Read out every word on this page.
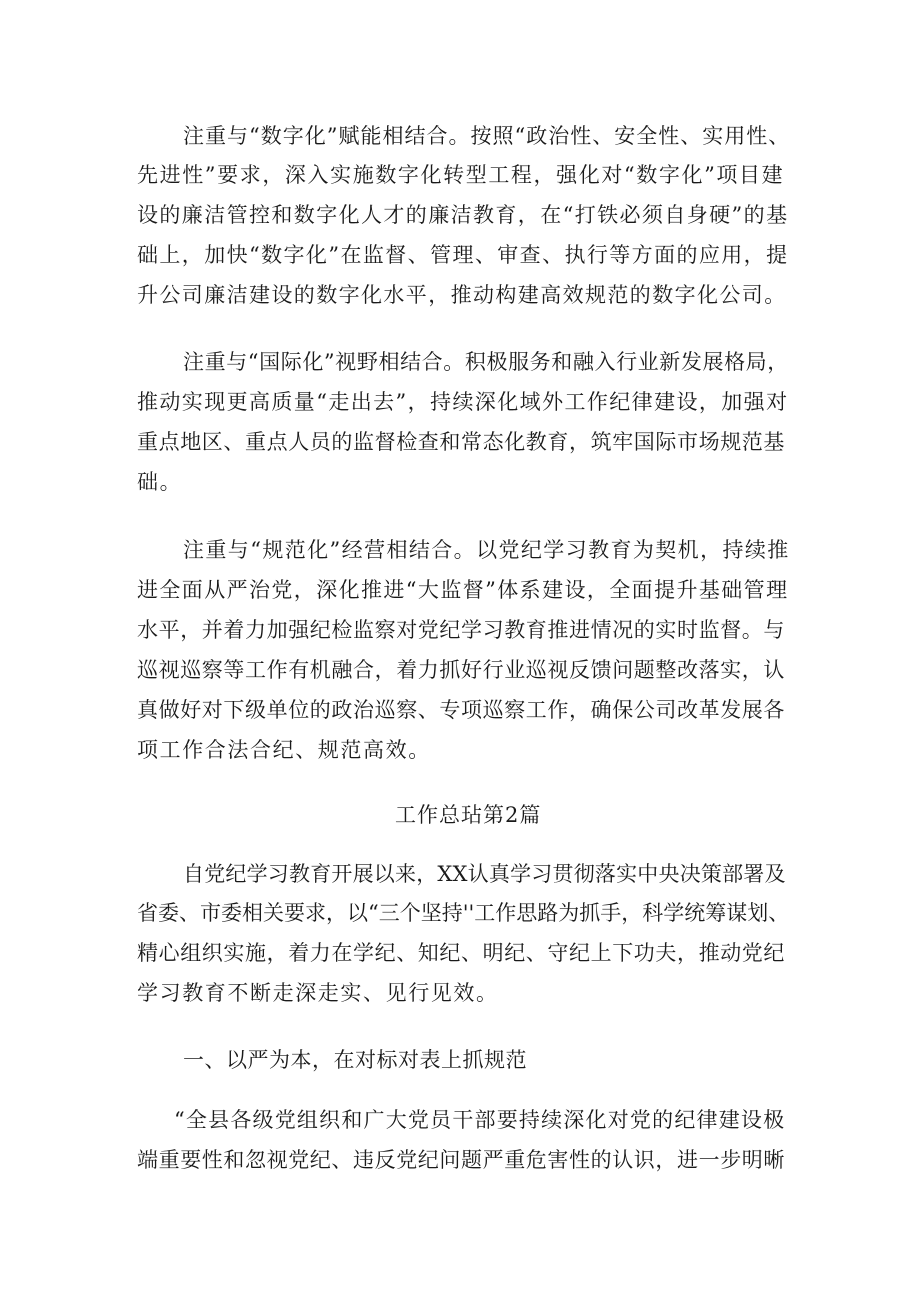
注重与“数字化”赋能相结合。按照“政治性、安全性、实用性、
先进性”要求，深入实施数字化转型工程，强化对“数字化”项目建
设的廉洁管控和数字化人才的廉洁教育，在“打铁必须自身硬”的基
础上，加快“数字化”在监督、管理、审查、执行等方面的应用，提
升公司廉洁建设的数字化水平，推动构建高效规范的数字化公司。
注重与“国际化”视野相结合。积极服务和融入行业新发展格局，
推动实现更高质量“走出去”，持续深化域外工作纪律建设，加强对
重点地区、重点人员的监督检查和常态化教育，筑牢国际市场规范基
础。
注重与“规范化”经营相结合。以党纪学习教育为契机，持续推
进全面从严治党，深化推进“大监督”体系建设，全面提升基础管理
水平，并着力加强纪检监察对党纪学习教育推进情况的实时监督。与
巡视巡察等工作有机融合，着力抓好行业巡视反馈问题整改落实，认
真做好对下级单位的政治巡察、专项巡察工作，确保公司改革发展各
项工作合法合纪、规范高效。
工作总玷第2篇
自党纪学习教育开展以来，XX认真学习贯彻落实中央决策部署及
省委、市委相关要求，以“三个坚持''工作思路为抓手，科学统筹谋划、
精心组织实施，着力在学纪、知纪、明纪、守纪上下功夫，推动党纪
学习教育不断走深走实、见行见效。
一、以严为本，在对标对表上抓规范
“全县各级党组织和广大党员干部要持续深化对党的纪律建设极
端重要性和忽视党纪、违反党纪问题严重危害性的认识，进一步明晰
